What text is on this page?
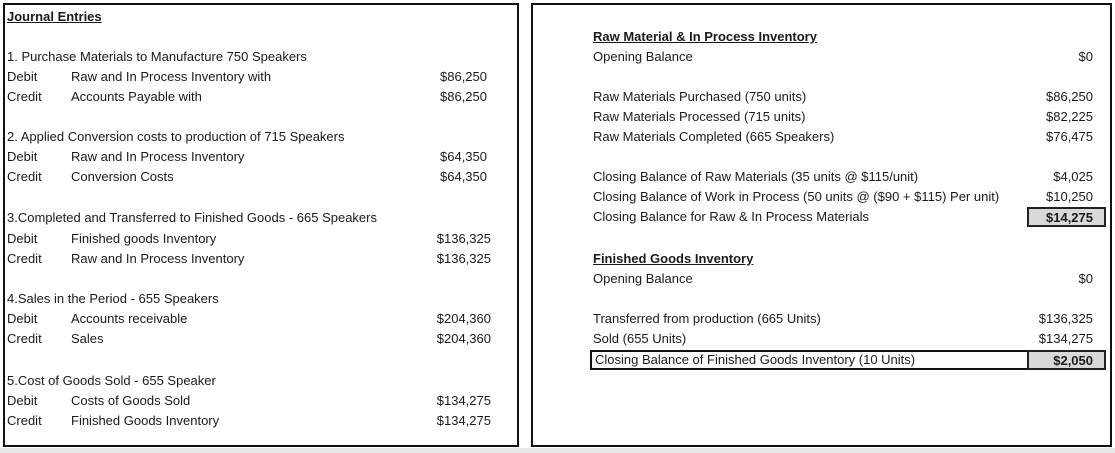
Journal Entries
1. Purchase Materials to Manufacture 750 Speakers
Debit	Raw and In Process Inventory with	$86,250
Credit Accounts Payable with	$86,250
2. Applied Conversion costs to production of 715 Speakers
Debit	Raw and In Process Inventory	$64,350
Credit Conversion Costs	$64,350
3.Completed and Transferred to Finished Goods - 665 Speakers
Debit	Finished goods Inventory	$136,325
Credit Raw and In Process Inventory	$136,325
4.Sales in the Period - 655 Speakers
Debit	Accounts receivable	$204,360
Credit Sales	$204,360
5.Cost of Goods Sold - 655 Speaker
Debit	Costs of Goods Sold	$134,275
Credit Finished Goods Inventory	$134,275
Raw Material & In Process Inventory
Opening Balance	$0
Raw Materials Purchased (750 units)	$86,250
Raw Materials Processed (715 units)	$82,225
Raw Materials Completed (665 Speakers)	$76,475
Closing Balance of Raw Materials (35 units @ $115/unit)	$4,025
Closing Balance of Work in Process (50 units @ ($90 + $115) Per unit)	$10,250
Closing Balance for Raw & In Process Materials	$14,275
Finished Goods Inventory
Opening Balance	$0
Transferred from production (665 Units)	$136,325
Sold (655 Units)	$134,275
Closing Balance of Finished Goods Inventory (10 Units)	$2,050
